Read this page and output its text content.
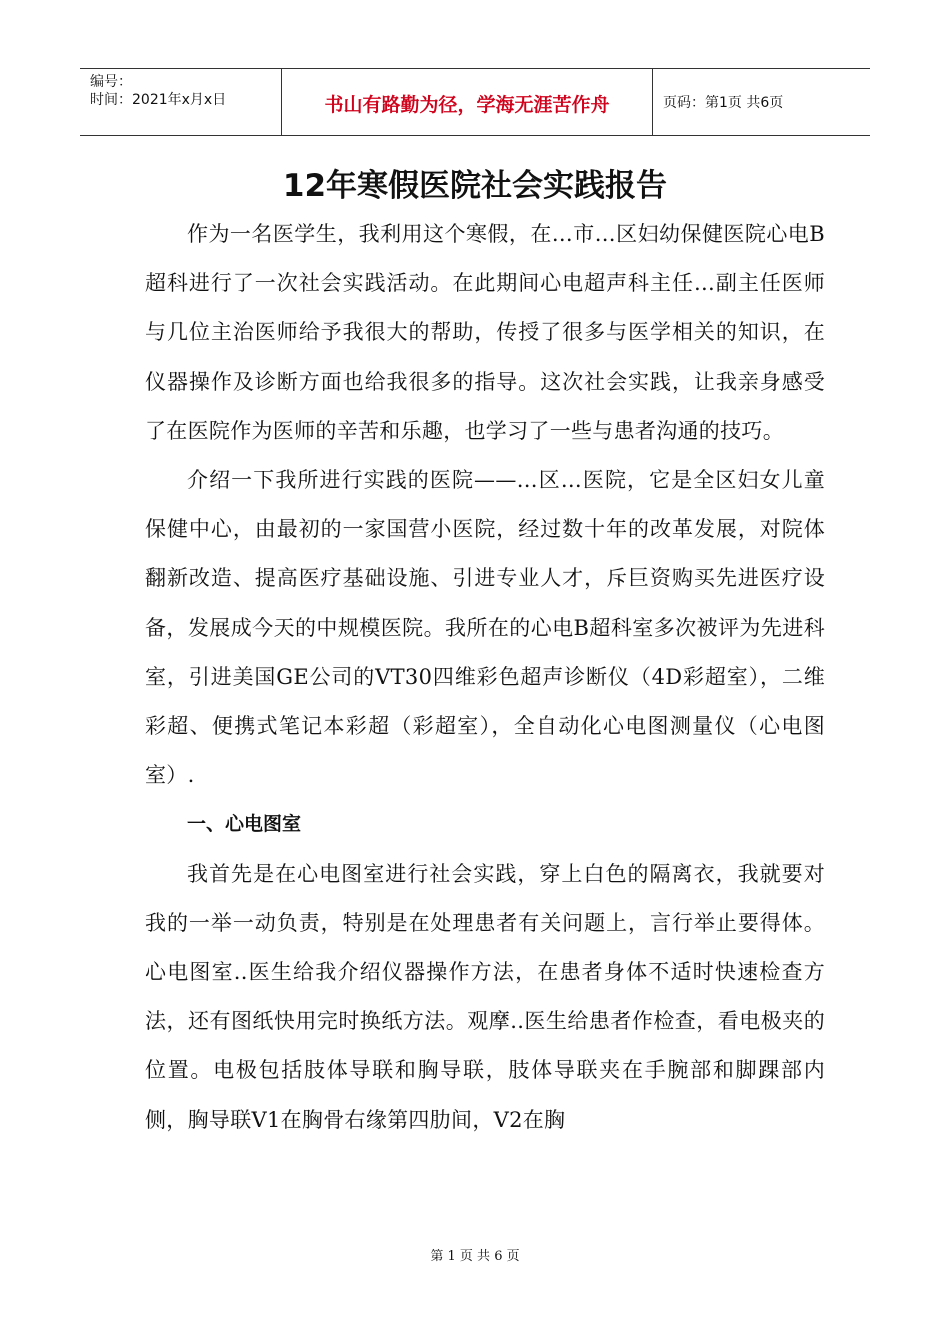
编号：
时间：2021年x月x日	书山有路勤为径，学海无涯苦作舟	页码：第1页 共6页
12年寒假医院社会实践报告

作为一名医学生，我利用这个寒假，在…市…区妇幼保健医院心电B超科进行了一次社会实践活动。在此期间心电超声科主任…副主任医师与几位主治医师给予我很大的帮助，传授了很多与医学相关的知识，在仪器操作及诊断方面也给我很多的指导。这次社会实践，让我亲身感受了在医院作为医师的辛苦和乐趣，也学习了一些与患者沟通的技巧。

介绍一下我所进行实践的医院——…区…医院，它是全区妇女儿童保健中心，由最初的一家国营小医院，经过数十年的改革发展，对院体翻新改造、提高医疗基础设施、引进专业人才，斥巨资购买先进医疗设备，发展成今天的中规模医院。我所在的心电B超科室多次被评为先进科室，引进美国GE公司的VT30四维彩色超声诊断仪（4D彩超室），二维彩超、便携式笔记本彩超（彩超室），全自动化心电图测量仪（心电图室）.

一、心电图室

我首先是在心电图室进行社会实践，穿上白色的隔离衣，我就要对我的一举一动负责，特别是在处理患者有关问题上，言行举止要得体。心电图室..医生给我介绍仪器操作方法，在患者身体不适时快速检查方法，还有图纸快用完时换纸方法。观摩..医生给患者作检查，看电极夹的位置。电极包括肢体导联和胸导联，肢体导联夹在手腕部和脚踝部内侧，胸导联V1在胸骨右缘第四肋间，V2在胸

第 1 页 共 6 页
